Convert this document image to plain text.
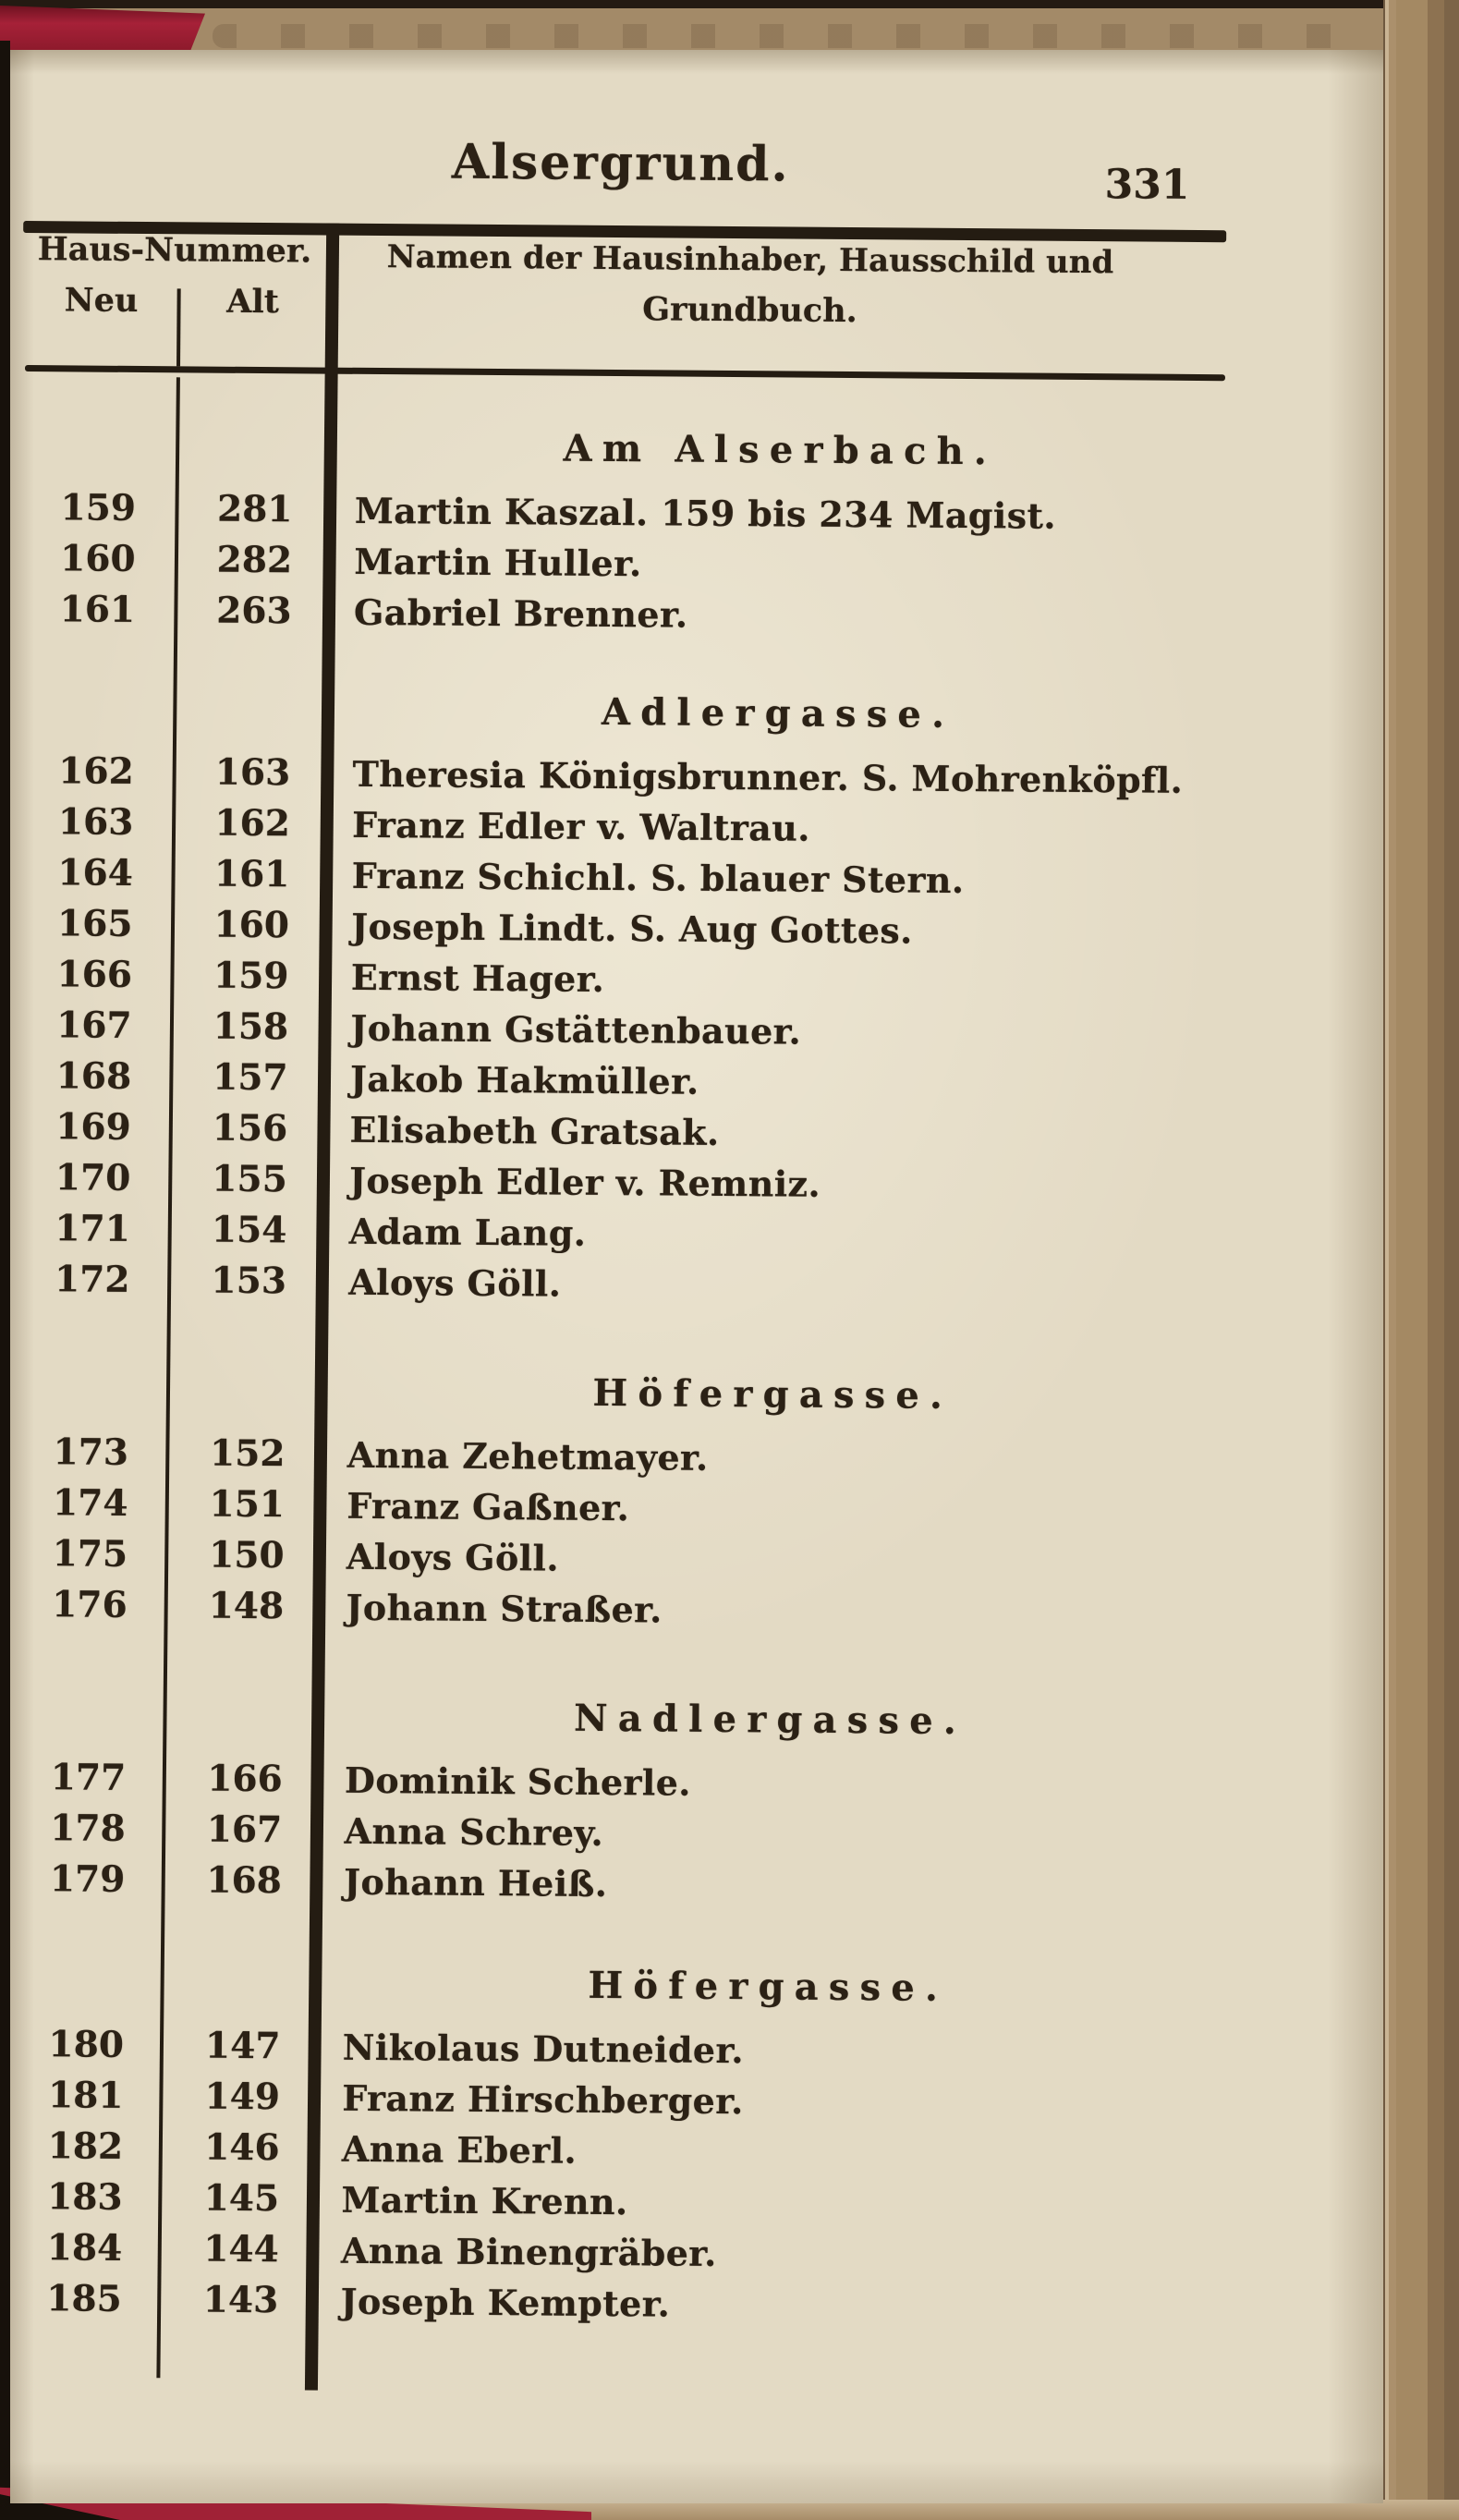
Alsergrund.	331
Haus-Nummer.
Neu	Alt
Namen der Hausinhaber, Hausschild und
Grundbuch.
Am Alserbach.
159	281	Martin Kaszal. 159 bis 234 Magist.
160	282	Martin Huller.
161	263	Gabriel Brenner.
Adlergasse.
162	163	Theresia Königsbrunner. S. Mohrenköpfl.
163	162	Franz Edler v. Waltrau.
164	161	Franz Schichl. S. blauer Stern.
165	160	Joseph Lindt. S. Aug Gottes.
166	159	Ernst Hager.
167	158	Johann Gstättenbauer.
168	157	Jakob Hakmüller.
169	156	Elisabeth Gratsak.
170	155	Joseph Edler v. Remniz.
171	154	Adam Lang.
172	153	Aloys Göll.
Höfergasse.
173	152	Anna Zehetmayer.
174	151	Franz Gaßner.
175	150	Aloys Göll.
176	148	Johann Straßer.
Nadlergasse.
177	166	Dominik Scherle.
178	167	Anna Schrey.
179	168	Johann Heiß.
Höfergasse.
180	147	Nikolaus Dutneider.
181	149	Franz Hirschberger.
182	146	Anna Eberl.
183	145	Martin Krenn.
184	144	Anna Binengräber.
185	143	Joseph Kempter.
